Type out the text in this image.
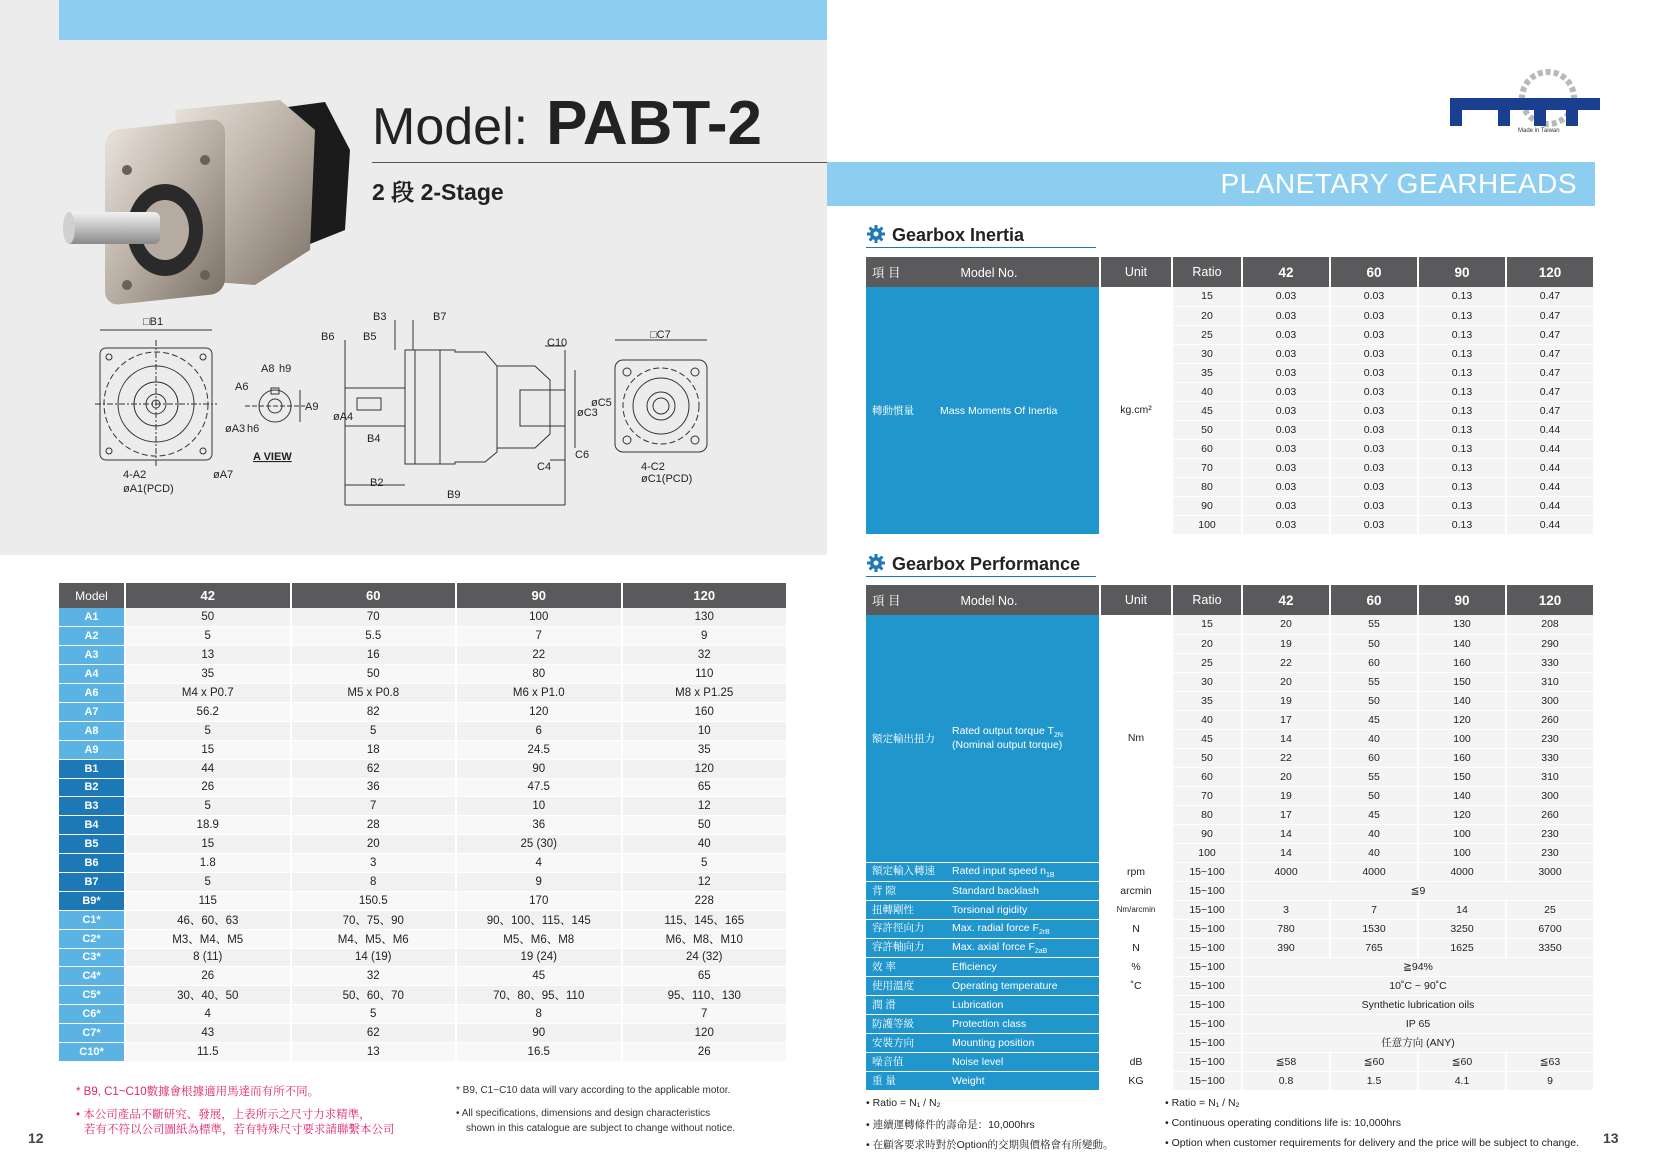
Model: PABT-2
2 段 2-Stage
□B1
4-A2
øA1(PCD)
øA7
A6
A8 h9
øA3 h6
A9
A VIEW
B6	B5
B3	B7
øA4
B4
B2
B9
C10
øC3
øC5
C4
C6
□C7
4-C2
øC1(PCD)
Model	42	60	90	120
A1	50	70	100	130
A2	5	5.5	7	9
A3	13	16	22	32
A4	35	50	80	110
A6	M4 x P0.7	M5 x P0.8	M6 x P1.0	M8 x P1.25
A7	56.2	82	120	160
A8	5	5	6	10
A9	15	18	24.5	35
B1	44	62	90	120
B2	26	36	47.5	65
B3	5	7	10	12
B4	18.9	28	36	50
B5	15	20	25 (30)	40
B6	1.8	3	4	5
B7	5	8	9	12
B9*	115	150.5	170	228
C1*	46、60、63	70、75、90	90、100、115、145	115、145、165
C2*	M3、M4、M5	M4、M5、M6	M5、M6、M8	M6、M8、M10
C3*	8 (11)	14 (19)	19 (24)	24 (32)
C4*	26	32	45	65
C5*	30、40、50	50、60、70	70、80、95、110	95、110、130
C6*	4	5	8	7
C7*	43	62	90	120
C10*	11.5	13	16.5	26
* B9, C1~C10數據會根據適用馬達而有所不同。
• 本公司產品不斷研究、發展，上表所示之尺寸力求精準，
若有不符以公司圖紙為標準，若有特殊尺寸要求請聯繫本公司
* B9, C1~C10 data will vary according to the applicable motor.
• All specifications, dimensions and design characteristics
shown in this catalogue are subject to change without notice.
12
Made in Taiwan
PLANETARY GEARHEADS
Gearbox Inertia
項 目 Model No.	Unit	Ratio	42	60	90	120
轉動慣量 Mass Moments Of Inertia	kg.cm²	15	0.03	0.03	0.13	0.47
		20	0.03	0.03	0.13	0.47
		25	0.03	0.03	0.13	0.47
		30	0.03	0.03	0.13	0.47
		35	0.03	0.03	0.13	0.47
		40	0.03	0.03	0.13	0.47
		45	0.03	0.03	0.13	0.47
		50	0.03	0.03	0.13	0.44
		60	0.03	0.03	0.13	0.44
		70	0.03	0.03	0.13	0.44
		80	0.03	0.03	0.13	0.44
		90	0.03	0.03	0.13	0.44
		100	0.03	0.03	0.13	0.44
Gearbox Performance
項 目 Model No.	Unit	Ratio	42	60	90	120
額定輸出扭力Rated output torque $T_{2N}$
(Nominal output torque)	Nm	15	20	55	130	208
		20	19	50	140	290
		25	22	60	160	330
		30	20	55	150	310
		35	19	50	140	300
		40	17	45	120	260
		45	14	40	100	230
		50	22	60	160	330
		60	20	55	150	310
		70	19	50	140	300
		80	17	45	120	260
		90	14	40	100	230
		100	14	40	100	230
額定輸入轉速 Rated input speed $n_{1B}$	rpm	15~100	4000	4000	4000	3000
背 隙 Standard backlash	arcmin	15~100	≦9			
扭轉剛性 Torsional rigidity	Nm/arcmin	15~100	3	7	14	25
容許徑向力 Max. radial force $F_{2rB}$	N	15~100	780	1530	3250	6700
容許軸向力 Max. axial force $F_{2aB}$	N	15~100	390	765	1625	3350
效 率 Efficiency	%	15~100	≧94%			
使用溫度 Operating temperature	˚C	15~100	10˚C ~ 90˚C			
潤 滑 Lubrication		15~100	Synthetic lubrication oils			
防護等級 Protection class		15~100	IP 65			
安裝方向 Mounting position		15~100	任意方向 (ANY)			
噪音值 Noise level	dB	15~100	≦58	≦60	≦60	≦63
重 量 Weight	KG	15~100	0.8	1.5	4.1	9
• Ratio = N₁ / N₂
• 連續運轉條件的壽命是：10,000hrs
• 在顧客要求時對於Option的交期與價格會有所變動。
• Ratio = N₁ / N₂
• Continuous operating conditions life is: 10,000hrs
• Option when customer requirements for delivery and the price will be subject to change. 13
